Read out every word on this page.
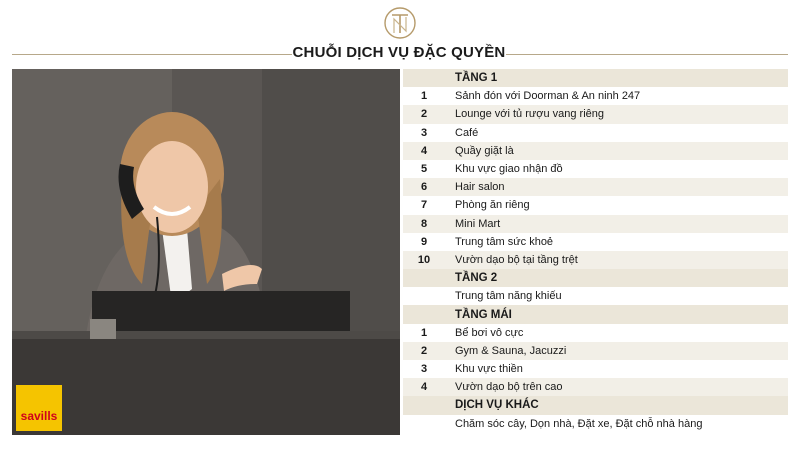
CHUỖI DỊCH VỤ ĐẶC QUYỀN
savills
TẦNG 1
1	Sảnh đón với Doorman & An ninh 247
2	Lounge với tủ rượu vang riêng
3	Café
4	Quầy giặt là
5	Khu vực giao nhận đồ
6	Hair salon
7	Phòng ăn riêng
8	Mini Mart
9	Trung tâm sức khoẻ
10	Vườn dạo bộ tại tầng trệt
TẦNG 2
Trung tâm năng khiếu
TẦNG MÁI
1	Bể bơi vô cực
2	Gym & Sauna, Jacuzzi
3	Khu vực thiền
4	Vườn dạo bộ trên cao
DỊCH VỤ KHÁC
Chăm sóc cây, Dọn nhà, Đặt xe, Đặt chỗ nhà hàng
